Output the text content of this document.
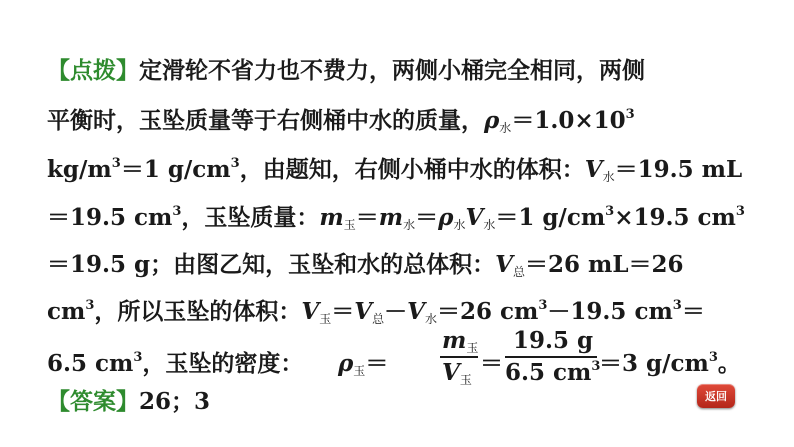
【点拨】定滑轮不省力也不费力，两侧小桶完全相同，两侧
平衡时，玉坠质量等于右侧桶中水的质量，$\rho_水=1.0\times 10^3$
$kg/m^3=1$ $g/cm^3$，由题知，右侧小桶中水的体积：$V_水=19.5$ mL
＝19.5 $cm^3$，玉坠质量：$m_玉=m_水=\rho_水V_水=1$ $g/cm^3\times 19.5$ $cm^3$
＝19.5 g；由图乙知，玉坠和水的总体积：$V_总=26$ mL＝26
$cm^3$，所以玉坠的体积：$V_玉=V_总-V_水=26$ $cm^3-19.5$ $cm^3=$
6.5 $cm^3$，玉坠的密度： $\rho_玉=$
$m_玉$
$V_玉$
＝
19.5 g
6.5 $cm^3$
＝3 $g/cm^3$。
【答案】26；3	返回
